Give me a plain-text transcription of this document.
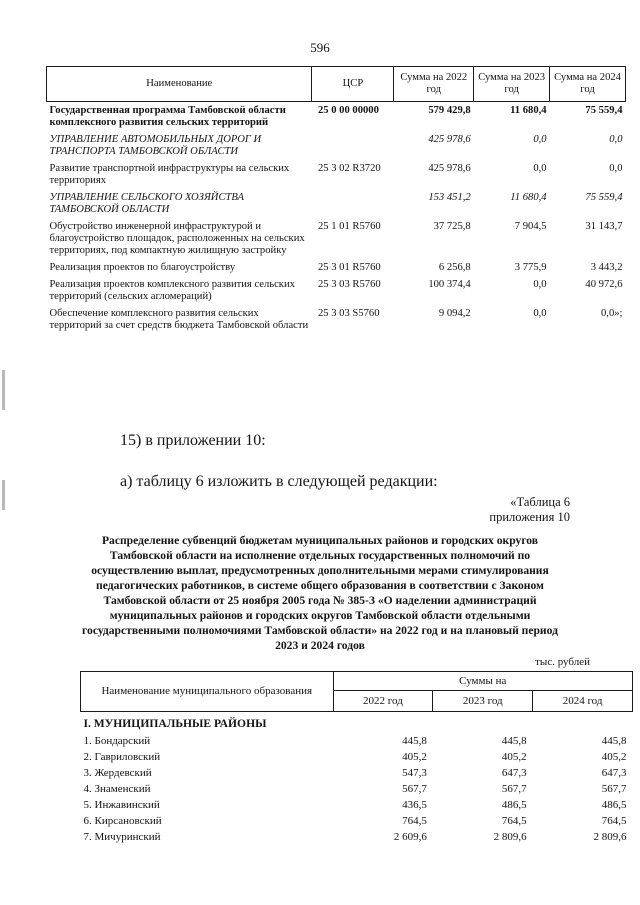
596
Наименование	ЦСР	Сумма на 2022 год	Сумма на 2023 год	Сумма на 2024 год
Государственная программа Тамбовской области комплексного развития сельских территорий	25 0 00 00000	579 429,8	11 680,4	75 559,4
УПРАВЛЕНИЕ АВТОМОБИЛЬНЫХ ДОРОГ И ТРАНСПОРТА ТАМБОВСКОЙ ОБЛАСТИ		425 978,6	0,0	0,0
Развитие транспортной инфраструктуры на сельских территориях	25 3 02 R3720	425 978,6	0,0	0,0
УПРАВЛЕНИЕ СЕЛЬСКОГО ХОЗЯЙСТВА ТАМБОВСКОЙ ОБЛАСТИ		153 451,2	11 680,4	75 559,4
Обустройство инженерной инфраструктурой и благоустройство площадок, расположенных на сельских территориях, под компактную жилищную застройку	25 1 01 R5760	37 725,8	7 904,5	31 143,7
Реализация проектов по благоустройству	25 3 01 R5760	6 256,8	3 775,9	3 443,2
Реализация проектов комплексного развития сельских территорий (сельских агломераций)	25 3 03 R5760	100 374,4	0,0	40 972,6
Обеспечение комплексного развития сельских территорий за счет средств бюджета Тамбовской области	25 3 03 S5760	9 094,2	0,0	0,0»;
15) в приложении 10:
а) таблицу 6 изложить в следующей редакции:
«Таблица 6
приложения 10
Распределение субвенций бюджетам муниципальных районов и городских округов Тамбовской области на исполнение отдельных государственных полномочий по осуществлению выплат, предусмотренных дополнительными мерами стимулирования педагогических работников, в системе общего образования в соответствии с Законом Тамбовской области от 25 ноября 2005 года № 385-З «О наделении администраций муниципальных районов и городских округов Тамбовской области отдельными государственными полномочиями Тамбовской области» на 2022 год и на плановый период 2023 и 2024 годов
тыс. рублей
Наименование муниципального образования	Суммы на		
	2022 год	2023 год	2024 год
I. МУНИЦИПАЛЬНЫЕ РАЙОНЫ			
1. Бондарский	445,8	445,8	445,8
2. Гавриловский	405,2	405,2	405,2
3. Жердевский	547,3	647,3	647,3
4. Знаменский	567,7	567,7	567,7
5. Инжавинский	436,5	486,5	486,5
6. Кирсановский	764,5	764,5	764,5
7. Мичуринский	2 609,6	2 809,6	2 809,6
